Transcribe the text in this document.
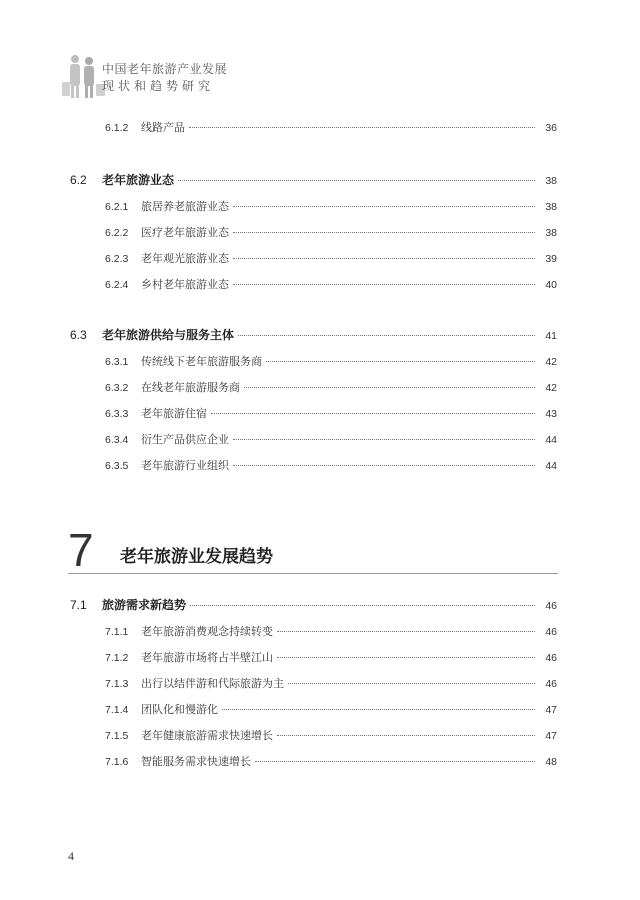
中国老年旅游产业发展
现状和趋势研究
6.1.2	线路产品	36
6.2	老年旅游业态	38
6.2.1	旅居养老旅游业态	38
6.2.2	医疗老年旅游业态	38
6.2.3	老年观光旅游业态	39
6.2.4	乡村老年旅游业态	40
6.3	老年旅游供给与服务主体	41
6.3.1	传统线下老年旅游服务商	42
6.3.2	在线老年旅游服务商	42
6.3.3	老年旅游住宿	43
6.3.4	衍生产品供应企业	44
6.3.5	老年旅游行业组织	44
7 老年旅游业发展趋势
7.1	旅游需求新趋势	46
7.1.1	老年旅游消费观念持续转变	46
7.1.2	老年旅游市场将占半壁江山	46
7.1.3	出行以结伴游和代际旅游为主	46
7.1.4	团队化和慢游化	47
7.1.5	老年健康旅游需求快速增长	47
7.1.6	智能服务需求快速增长	48
4
